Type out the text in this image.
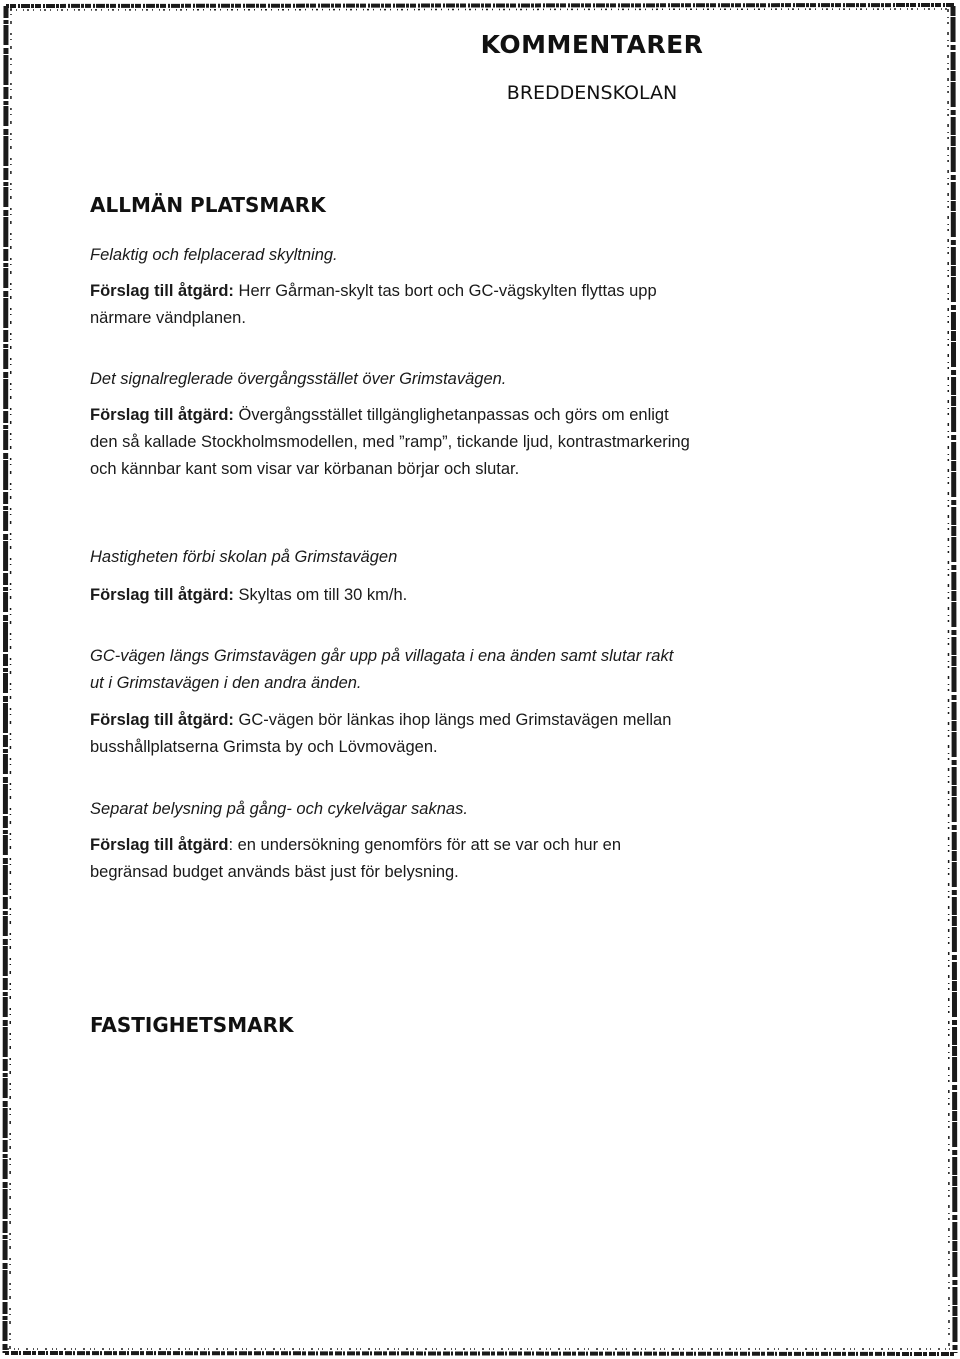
KOMMENTARER
BREDDENSKOLAN
ALLMÄN PLATSMARK

Felaktig och felplacerad skyltning.

Förslag till åtgärd: Herr Gårman-skylt tas bort och GC-vägskylten flyttas upp närmare vändplanen.

Det signalreglerade övergångsstället över Grimstavägen.

Förslag till åtgärd: Övergångsstället tillgänglighetanpassas och görs om enligt den så kallade Stockholmsmodellen, med ”ramp”, tickande ljud, kontrastmarkering och kännbar kant som visar var körbanan börjar och slutar.

Hastigheten förbi skolan på Grimstavägen

Förslag till åtgärd: Skyltas om till 30 km/h.

GC-vägen längs Grimstavägen går upp på villagata i ena änden samt slutar rakt ut i Grimstavägen i den andra änden.

Förslag till åtgärd: GC-vägen bör länkas ihop längs med Grimstavägen mellan busshållplatserna Grimsta by och Lövmovägen.

Separat belysning på gång- och cykelvägar saknas.

Förslag till åtgärd: en undersökning genomförs för att se var och hur en begränsad budget används bäst just för belysning.

FASTIGHETSMARK
